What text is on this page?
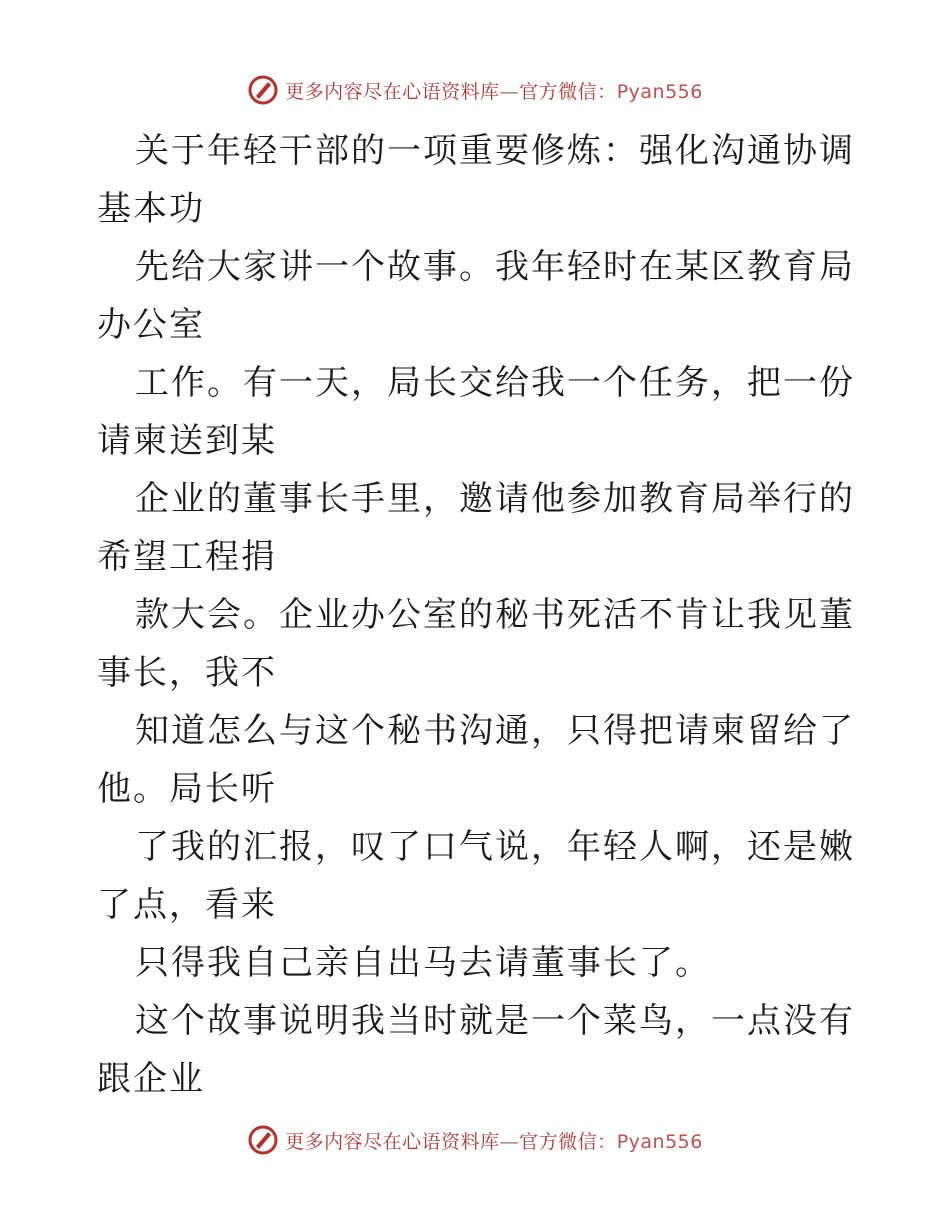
更多内容尽在心语资料库—官方微信：Pyan556

关于年轻干部的一项重要修炼：强化沟通协调基本功

先给大家讲一个故事。我年轻时在某区教育局办公室

工作。有一天，局长交给我一个任务，把一份请柬送到某

企业的董事长手里，邀请他参加教育局举行的希望工程捐

款大会。企业办公室的秘书死活不肯让我见董事长，我不

知道怎么与这个秘书沟通，只得把请柬留给了他。局长听

了我的汇报，叹了口气说，年轻人啊，还是嫩了点，看来

只得我自己亲自出马去请董事长了。

这个故事说明我当时就是一个菜鸟，一点没有跟企业

更多内容尽在心语资料库—官方微信：Pyan556
